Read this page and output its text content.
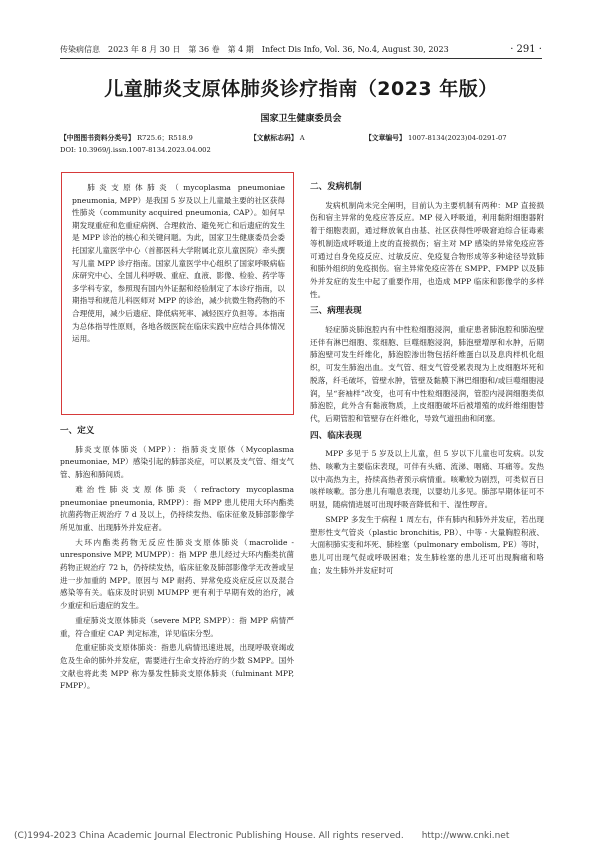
传染病信息　2023 年 8 月 30 日　第 36 卷　第 4 期　Infect Dis Info, Vol. 36, No.4, August 30, 2023	· 291 ·
儿童肺炎支原体肺炎诊疗指南（2023 年版）
国家卫生健康委员会
【中图图书资料分类号】 R725.6；R518.9	【文献标志码】 A	【文章编号】 1007-8134(2023)04-0291-07
DOI: 10.3969/j.issn.1007-8134.2023.04.002

肺炎支原体肺炎（mycoplasma pneumoniae pneumonia, MPP）是我国 5 岁及以上儿童最主要的社区获得性肺炎（community acquired pneumonia, CAP）。如何早期发现重症和危重症病例、合理救治、避免死亡和后遗症的发生是 MPP 诊治的核心和关键问题。为此，国家卫生健康委员会委托国家儿童医学中心（首都医科大学附属北京儿童医院）牵头撰写儿童 MPP 诊疗指南。国家儿童医学中心组织了国家呼吸病临床研究中心、全国儿科呼吸、重症、血液、影像、检验、药学等多学科专家，参照现有国内外证据和经验制定了本诊疗指南，以期指导和规范儿科医师对 MPP 的诊治，减少抗微生物药物的不合理使用，减少后遗症、降低病死率、减轻医疗负担等。本指南为总体指导性原则，各地各级医院在临床实践中应结合具体情况运用。

一、定义

肺炎支原体肺炎（MPP）：指肺炎支原体（Mycoplasma pneumoniae, MP）感染引起的肺部炎症，可以累及支气管、细支气管、肺泡和肺间质。

难治性肺炎支原体肺炎（refractory mycoplasma pneumoniae pneumonia, RMPP）：指 MPP 患儿使用大环内酯类抗菌药物正规治疗 7 d 及以上，仍持续发热、临床征象及肺部影像学所见加重、出现肺外并发症者。

大环内酯类药物无反应性肺炎支原体肺炎（macrolide -unresponsive MPP, MUMPP）：指 MPP 患儿经过大环内酯类抗菌药物正规治疗 72 h，仍持续发热，临床征象及肺部影像学无改善或呈进一步加重的 MPP。原因与 MP 耐药、异常免疫炎症反应以及混合感染等有关。临床及时识别 MUMPP 更有利于早期有效的治疗，减少重症和后遗症的发生。

重症肺炎支原体肺炎（severe MPP, SMPP）：指 MPP 病情严重，符合重症 CAP 判定标准，详见临床分型。

危重症肺炎支原体肺炎：指患儿病情迅速进展，出现呼吸衰竭或危及生命的肺外并发症，需要进行生命支持治疗的少数 SMPP。国外文献也将此类 MPP 称为暴发性肺炎支原体肺炎（fulminant MPP, FMPP）。

二、发病机制

发病机制尚未完全阐明，目前认为主要机制有两种：MP 直接损伤和宿主异常的免疫应答反应。MP 侵入呼吸道，利用黏附细胞器附着于细胞表面，通过释放氧自由基、社区获得性呼吸窘迫综合征毒素等机制造成呼吸道上皮的直接损伤；宿主对 MP 感染的异常免疫应答可通过自身免疫反应、过敏反应、免疫复合物形成等多种途径导致肺和肺外组织的免疫损伤。宿主异常免疫应答在 SMPP、FMPP 以及肺外并发症的发生中起了重要作用，也造成 MPP 临床和影像学的多样性。

三、病理表现

轻症肺炎肺泡腔内有中性粒细胞浸润，重症患者肺泡腔和肺泡壁还伴有淋巴细胞、浆细胞、巨噬细胞浸润，肺泡壁增厚和水肿，后期肺泡壁可发生纤维化，肺泡腔渗出物包括纤维蛋白以及息肉样机化组织，可发生肺泡出血。支气管、细支气管受累表现为上皮细胞坏死和脱落，纤毛破坏，管壁水肿，管壁及黏膜下淋巴细胞和/或巨噬细胞浸润，呈“套袖样”改变，也可有中性粒细胞浸润，管腔内浸润细胞类似肺泡腔，此外含有黏液物质，上皮细胞破坏后被增殖的成纤维细胞替代，后期管腔和管壁存在纤维化，导致气道扭曲和闭塞。

四、临床表现

MPP 多见于 5 岁及以上儿童，但 5 岁以下儿童也可发病。以发热、咳嗽为主要临床表现，可伴有头痛、流涕、咽痛、耳痛等。发热以中高热为主，持续高热者预示病情重。咳嗽较为剧烈，可类似百日咳样咳嗽。部分患儿有喘息表现，以婴幼儿多见。肺部早期体征可不明显，随病情进展可出现呼吸音降低和干、湿性啰音。

SMPP 多发生于病程 1 周左右，伴有肺内和肺外并发症，若出现塑形性支气管炎（plastic bronchitis, PB）、中等 - 大量胸腔积液、大面积肺实变和坏死、肺栓塞（pulmonary embolism, PE）等时，患儿可出现气促或呼吸困难；发生肺栓塞的患儿还可出现胸痛和咯血；发生肺外并发症时可

(C)1994-2023 China Academic Journal Electronic Publishing House. All rights reserved.　　http://www.cnki.net
